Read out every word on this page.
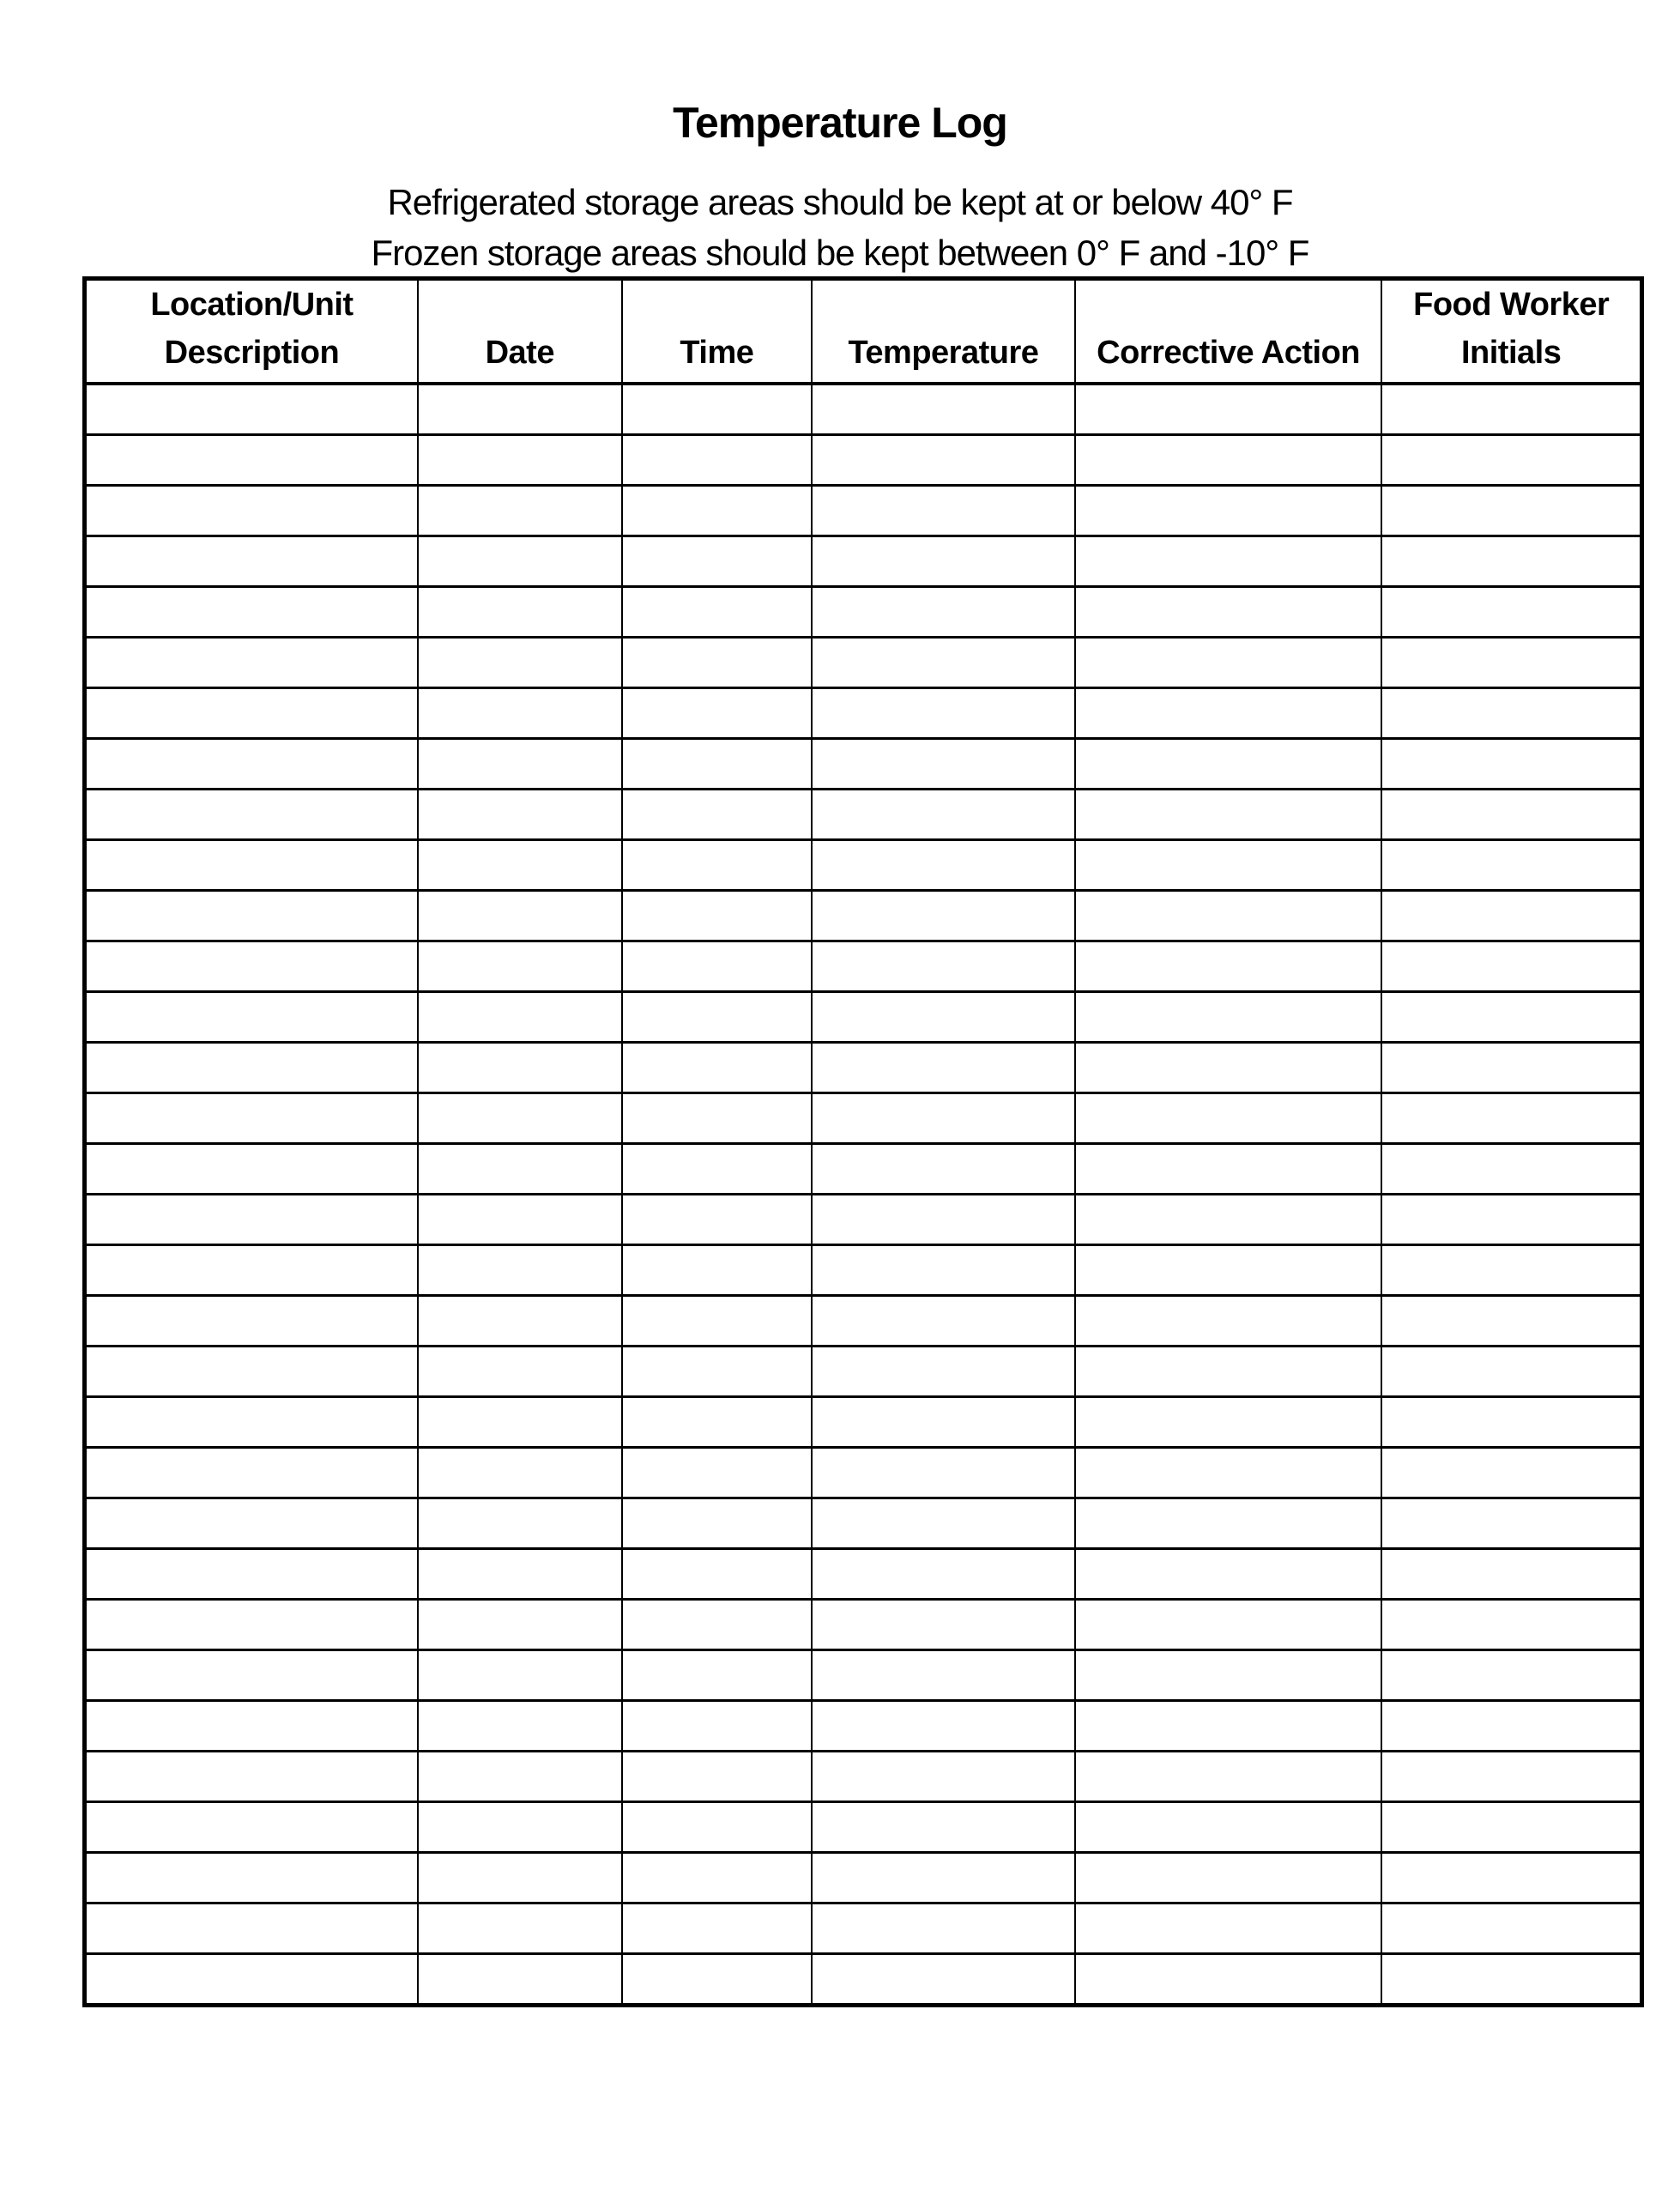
Temperature Log

Refrigerated storage areas should be kept at or below 40° F

Frozen storage areas should be kept between 0° F and -10° F

Location/Unit Description	Date	Time	Temperature	Corrective Action	Food Worker Initials
